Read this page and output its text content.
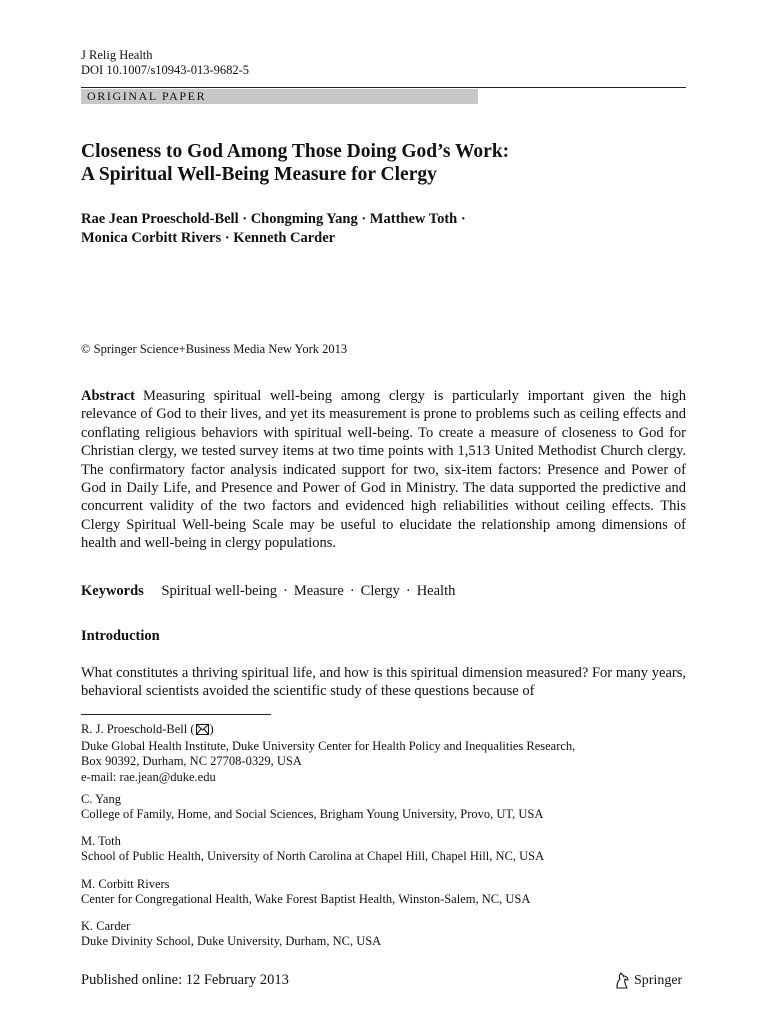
J Relig Health
DOI 10.1007/s10943-013-9682-5
ORIGINAL PAPER
Closeness to God Among Those Doing God’s Work:
A Spiritual Well-Being Measure for Clergy
Rae Jean Proeschold-Bell · Chongming Yang · Matthew Toth ·
Monica Corbitt Rivers · Kenneth Carder
© Springer Science+Business Media New York 2013
Abstract Measuring spiritual well-being among clergy is particularly important given the high relevance of God to their lives, and yet its measurement is prone to problems such as ceiling effects and conflating religious behaviors with spiritual well-being. To create a measure of closeness to God for Christian clergy, we tested survey items at two time points with 1,513 United Methodist Church clergy. The confirmatory factor analysis indicated support for two, six-item factors: Presence and Power of God in Daily Life, and Presence and Power of God in Ministry. The data supported the predictive and concurrent validity of the two factors and evidenced high reliabilities without ceiling effects. This Clergy Spiritual Well-being Scale may be useful to elucidate the relationship among dimensions of health and well-being in clergy populations.
Keywords Spiritual well-being · Measure · Clergy · Health
Introduction
What constitutes a thriving spiritual life, and how is this spiritual dimension measured? For many years, behavioral scientists avoided the scientific study of these questions because of
R. J. Proeschold-Bell ( )
Duke Global Health Institute, Duke University Center for Health Policy and Inequalities Research,
Box 90392, Durham, NC 27708-0329, USA
e-mail: rae.jean@duke.edu
C. Yang
College of Family, Home, and Social Sciences, Brigham Young University, Provo, UT, USA
M. Toth
School of Public Health, University of North Carolina at Chapel Hill, Chapel Hill, NC, USA
M. Corbitt Rivers
Center for Congregational Health, Wake Forest Baptist Health, Winston-Salem, NC, USA
K. Carder
Duke Divinity School, Duke University, Durham, NC, USA
Published online: 12 February 2013	Springer
